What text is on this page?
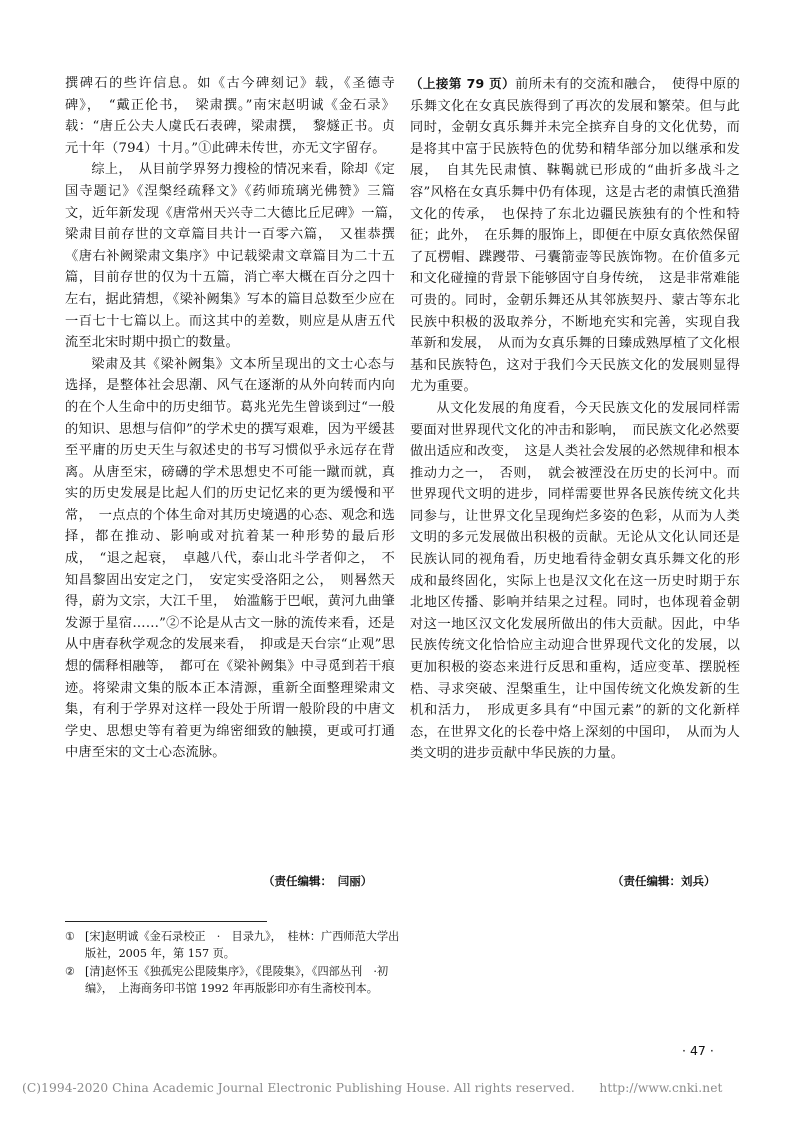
撰碑石的些许信息。如《古今碑刻记》载，《圣德寺碑》，　“戴正伦书，　梁肃撰。”南宋赵明诚《金石录》载：“唐丘公夫人虞氏石表碑，梁肃撰，　黎燧正书。贞元十年（794）十月。”①此碑未传世，亦无文字留存。

综上，　从目前学界努力搜检的情况来看，除却《定国寺题记》《涅槃经疏释文》《药师琉璃光佛赞》三篇文，近年新发现《唐常州天兴寺二大德比丘尼碑》一篇，　梁肃目前存世的文章篇目共计一百零六篇，　又崔恭撰《唐右补阙梁肃文集序》中记载梁肃文章篇目为二十五篇，目前存世的仅为十五篇，消亡率大概在百分之四十左右，据此猜想，《梁补阙集》写本的篇目总数至少应在一百七十七篇以上。而这其中的差数，则应是从唐五代流至北宋时期中损亡的数量。

梁肃及其《梁补阙集》文本所呈现出的文士心态与选择，是整体社会思潮、风气在逐渐的从外向转而内向的在个人生命中的历史细节。葛兆光先生曾谈到过“一般的知识、思想与信仰”的学术史的撰写艰难，因为平缓甚至平庸的历史天生与叙述史的书写习惯似乎永远存在背离。从唐至宋，磅礴的学术思想史不可能一蹴而就，真实的历史发展是比起人们的历史记忆来的更为缓慢和平常，　一点点的个体生命对其历史境遇的心态、观念和选择，都在推动、影响或对抗着某一种形势的最后形成，　“退之起衰，　卓越八代，泰山北斗学者仰之，　不知昌黎固出安定之门，　安定实受洛阳之公，　则晷然天得，蔚为文宗，大江千里，　始滥觞于巴岷，黄河九曲肇发源于星宿……”②不论是从古文一脉的流传来看，还是从中唐春秋学观念的发展来看，　抑或是天台宗“止观”思想的儒释相融等，　都可在《梁补阙集》中寻觅到若干痕迹。将梁肃文集的版本正本清源，重新全面整理梁肃文集，有利于学界对这样一段处于所谓一般阶段的中唐文学史、思想史等有着更为绵密细致的触摸，更或可打通中唐至宋的文士心态流脉。

（上接第 79 页）前所未有的交流和融合，　使得中原的乐舞文化在女真民族得到了再次的发展和繁荣。但与此同时，金朝女真乐舞并未完全摈弃自身的文化优势，而是将其中富于民族特色的优势和精华部分加以继承和发展，　自其先民肃慎、靺鞨就已形成的“曲折多战斗之容”风格在女真乐舞中仍有体现，这是古老的肃慎氏渔猎文化的传承，　也保持了东北边疆民族独有的个性和特征；此外，　在乐舞的服饰上，即便在中原女真依然保留了瓦楞帽、蹀躞带、弓囊箭壶等民族饰物。在价值多元和文化碰撞的背景下能够固守自身传统，　这是非常难能可贵的。同时，金朝乐舞还从其邻族契丹、蒙古等东北民族中积极的汲取养分，不断地充实和完善，实现自我革新和发展，　从而为女真乐舞的日臻成熟厚植了文化根基和民族特色，这对于我们今天民族文化的发展则显得尤为重要。

从文化发展的角度看，今天民族文化的发展同样需要面对世界现代文化的冲击和影响，　而民族文化必然要做出适应和改变，　这是人类社会发展的必然规律和根本推动力之一，　否则，　就会被湮没在历史的长河中。而世界现代文明的进步，同样需要世界各民族传统文化共同参与，让世界文化呈现绚烂多姿的色彩，从而为人类文明的多元发展做出积极的贡献。无论从文化认同还是民族认同的视角看，历史地看待金朝女真乐舞文化的形成和最终固化，实际上也是汉文化在这一历史时期于东北地区传播、影响并结果之过程。同时，也体现着金朝对这一地区汉文化发展所做出的伟大贡献。因此，中华民族传统文化恰恰应主动迎合世界现代文化的发展，以更加积极的姿态来进行反思和重构，适应变革、摆脱桎梏、寻求突破、涅槃重生，让中国传统文化焕发新的生机和活力，　形成更多具有“中国元素”的新的文化新样态，在世界文化的长卷中烙上深刻的中国印，　从而为人类文明的进步贡献中华民族的力量。

（责任编辑：　闫丽）	（责任编辑：刘兵）
① [宋]赵明诚《金石录校正　·　目录九》，　桂林：广西师范大学出版社，2005 年，第 157 页。
② [清]赵怀玉《独孤宪公毘陵集序》，《毘陵集》，《四部丛刊　·初编》，　上海商务印书馆 1992 年再版影印亦有生斋校刊本。
· 47 ·
(C)1994-2020 China Academic Journal Electronic Publishing House. All rights reserved.　　http://www.cnki.net
